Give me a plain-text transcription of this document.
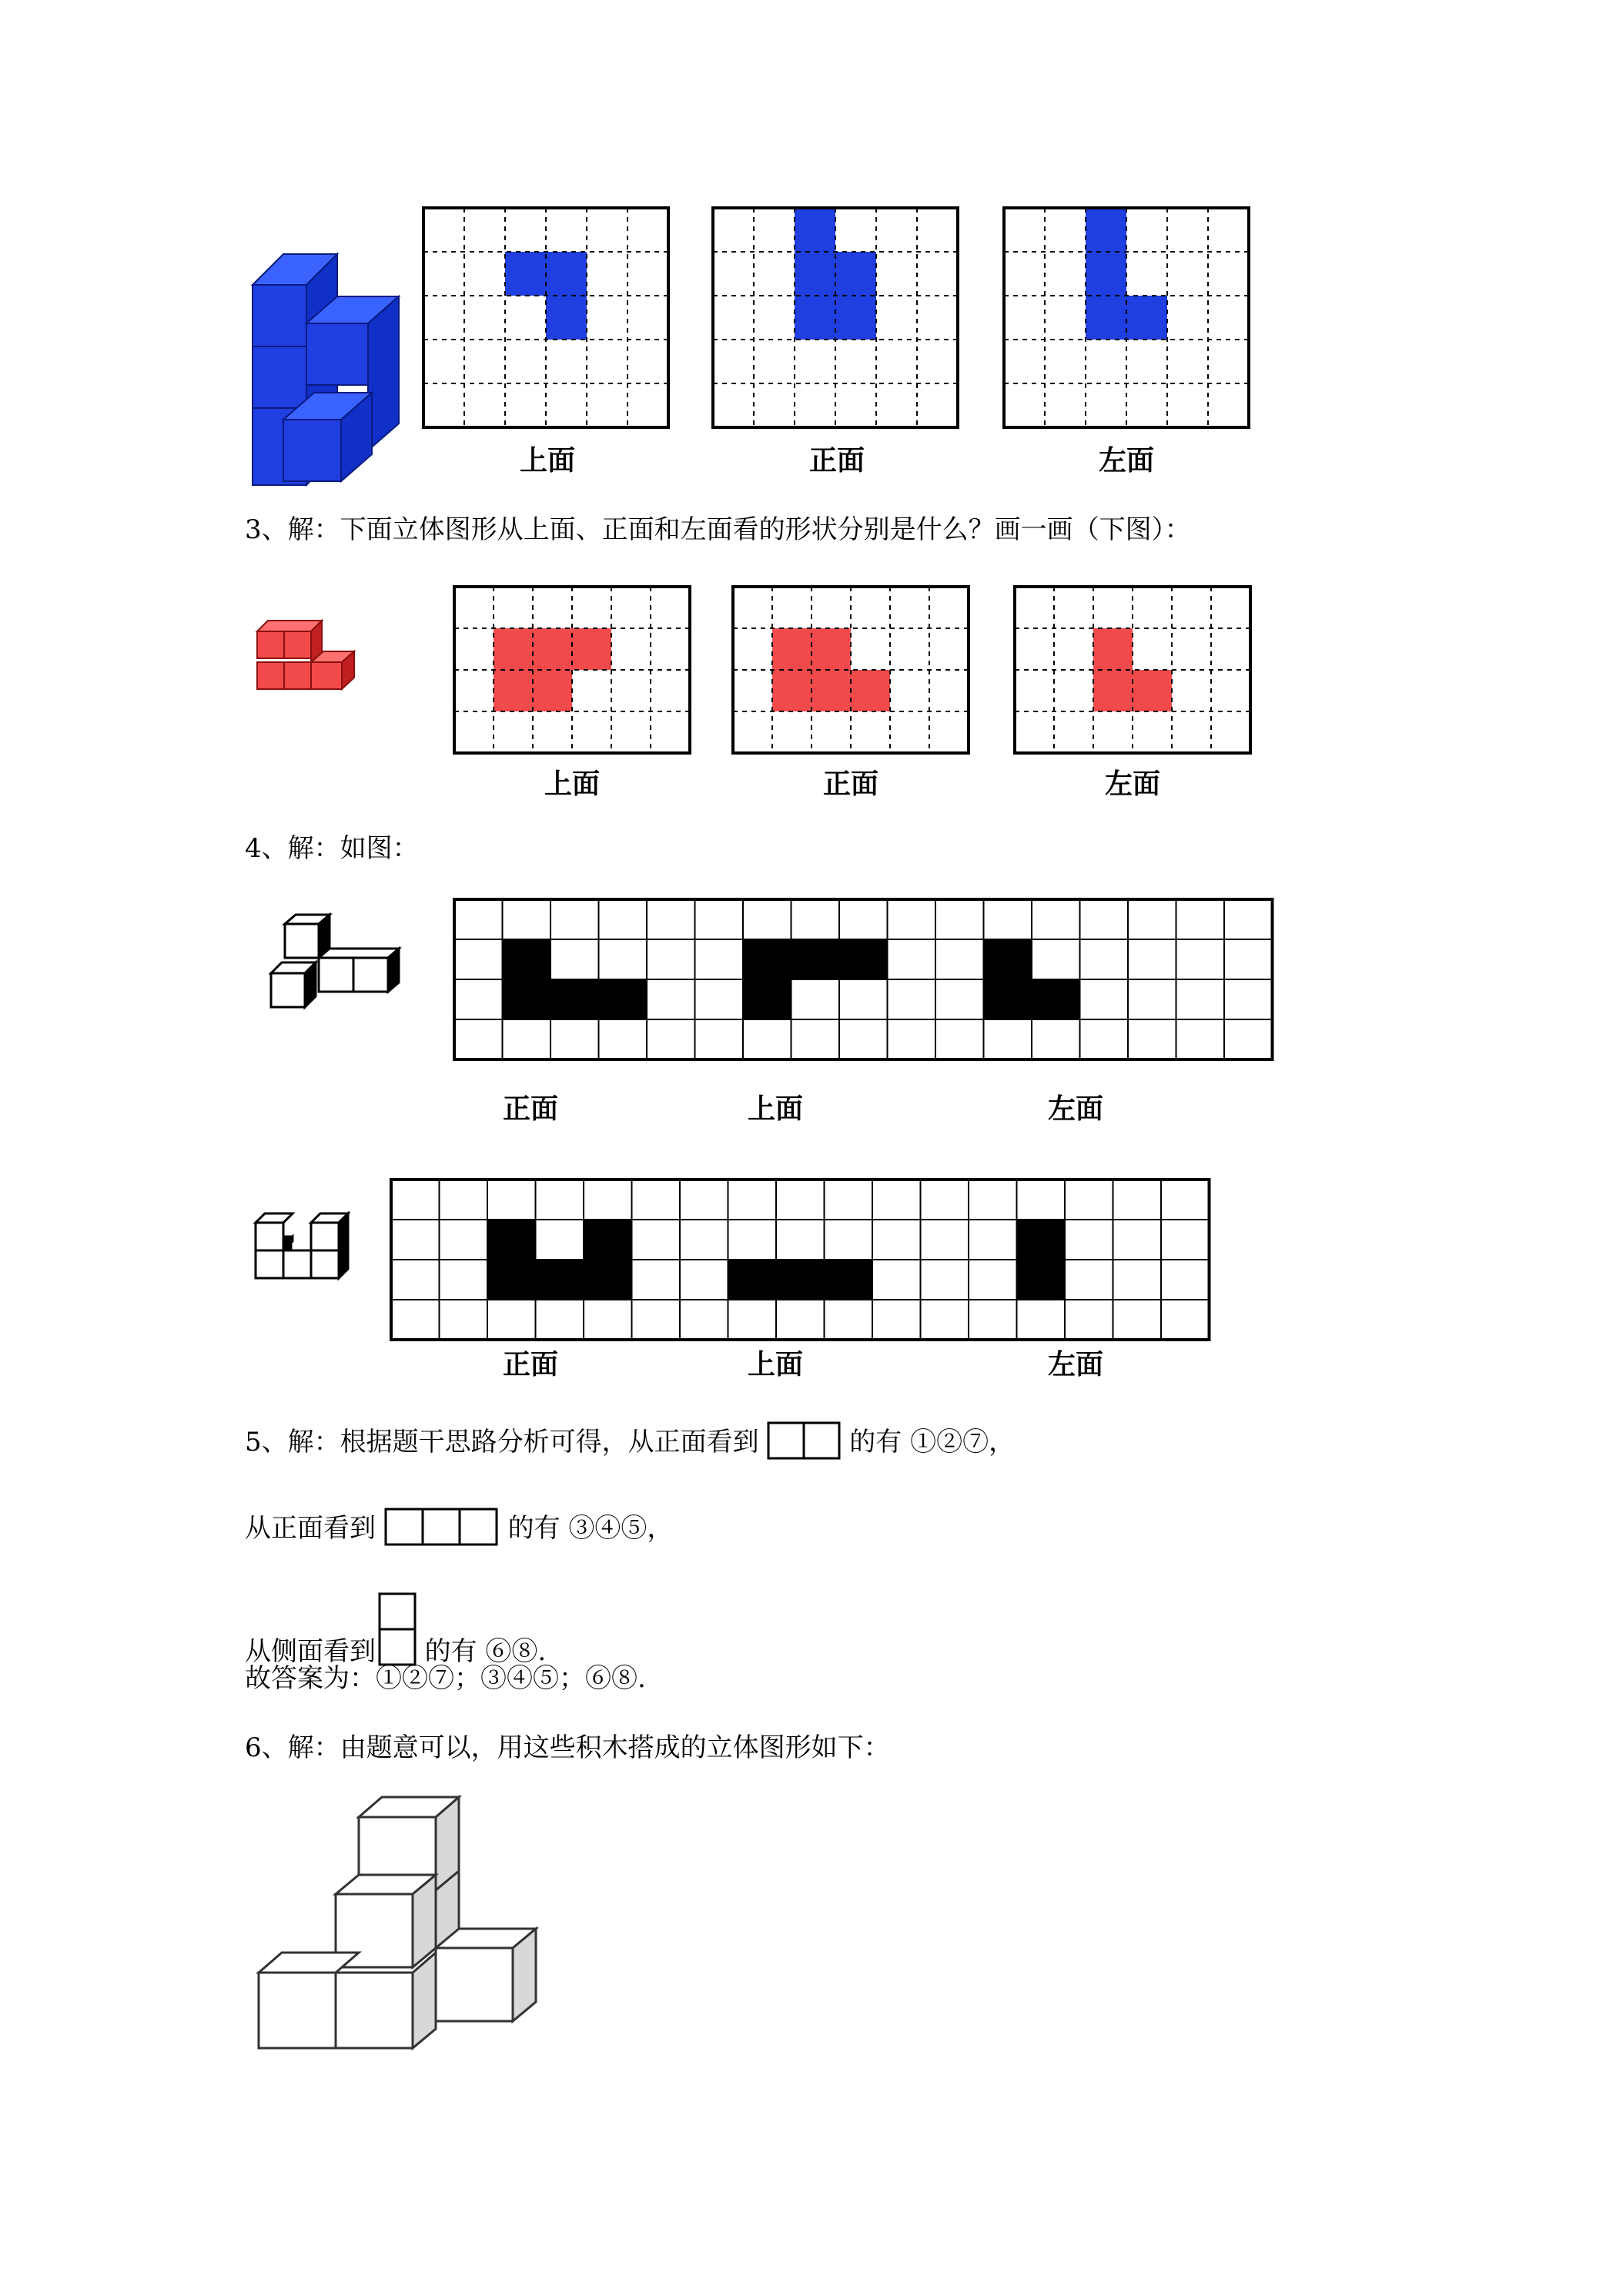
上面	正面	左面
3、解：下面立体图形从上面、正面和左面看的形状分别是什么？画一画（下图）：
上面	正面	左面
4、解：如图：
正面	上面	左面
正面	上面	左面
5、解：根据题干思路分析可得，从正面看到	的有 ①②⑦，
从正面看到	的有 ③④⑤，
从侧面看到 的有 ⑥⑧.
故答案为：①②⑦；③④⑤；⑥⑧.
6、解：由题意可以，用这些积木搭成的立体图形如下：
